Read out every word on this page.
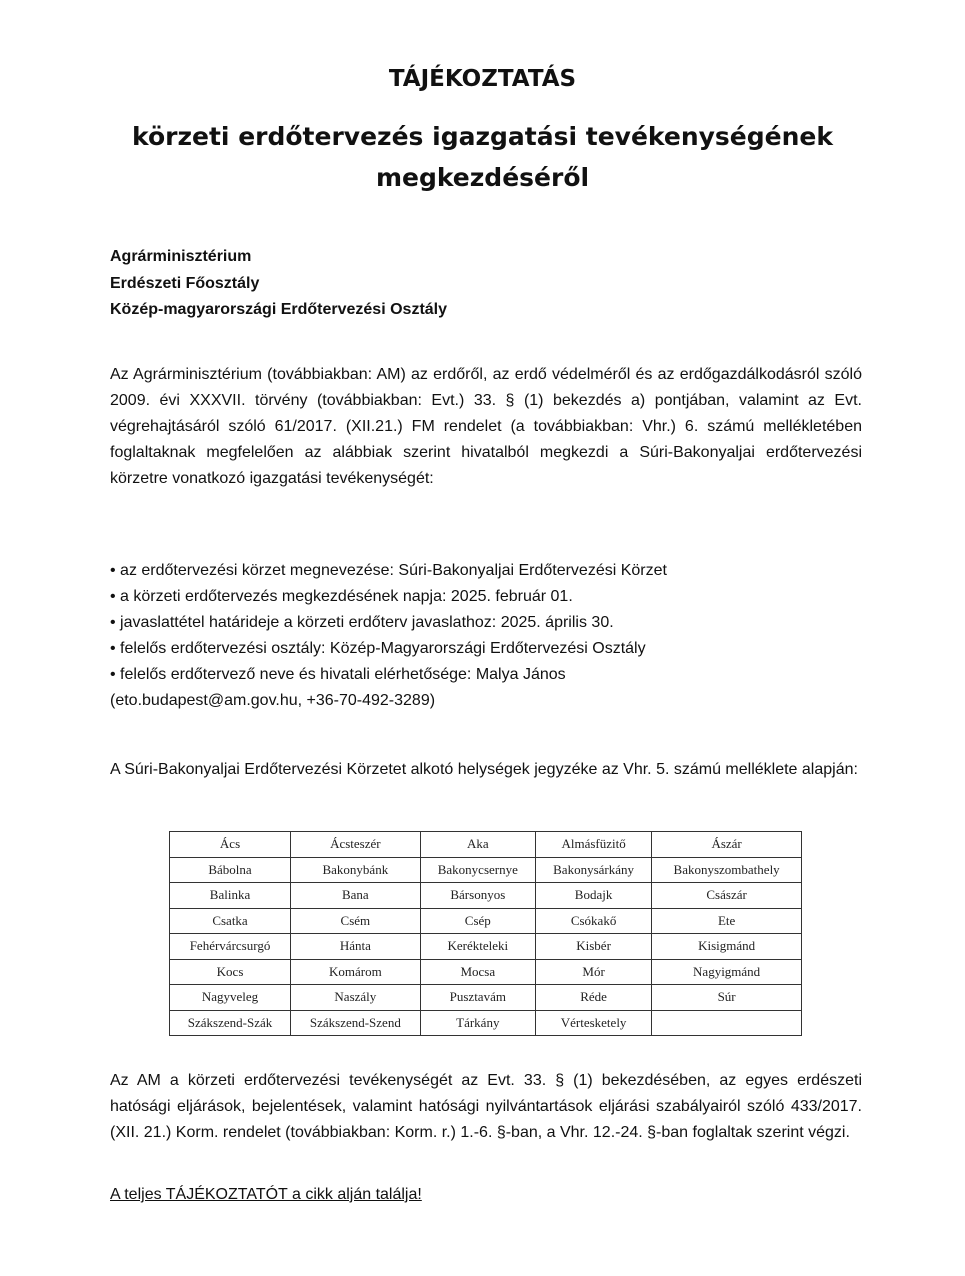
TÁJÉKOZTATÁS
körzeti erdőtervezés igazgatási tevékenységének
megkezdéséről
Agrárminisztérium
Erdészeti Főosztály
Közép-magyarországi Erdőtervezési Osztály
Az Agrárminisztérium (továbbiakban: AM) az erdőről, az erdő védelméről és az erdőgazdálkodásról szóló 2009. évi XXXVII. törvény (továbbiakban: Evt.) 33. § (1) bekezdés a) pontjában, valamint az Evt. végrehajtásáról szóló 61/2017. (XII.21.) FM rendelet (a továbbiakban: Vhr.) 6. számú mellékletében foglaltaknak megfelelően az alábbiak szerint hivatalból megkezdi a Súri-Bakonyaljai erdőtervezési körzetre vonatkozó igazgatási tevékenységét:
• az erdőtervezési körzet megnevezése: Súri-Bakonyaljai Erdőtervezési Körzet
• a körzeti erdőtervezés megkezdésének napja: 2025. február 01.
• javaslattétel határideje a körzeti erdőterv javaslathoz: 2025. április 30.
• felelős erdőtervezési osztály: Közép-Magyarországi Erdőtervezési Osztály
• felelős erdőtervező neve és hivatali elérhetősége: Malya János
(eto.budapest@am.gov.hu, +36-70-492-3289)
A Súri-Bakonyaljai Erdőtervezési Körzetet alkotó helységek jegyzéke az Vhr. 5. számú melléklete alapján:
Ács	Ácsteszér	Aka	Almásfüzitő	Ászár
Bábolna	Bakonybánk	Bakonycsernye	Bakonysárkány	Bakonyszombathely
Balinka	Bana	Bársonyos	Bodajk	Császár
Csatka	Csém	Csép	Csókakő	Ete
Fehérvárcsurgó	Hánta	Kerékteleki	Kisbér	Kisigmánd
Kocs	Komárom	Mocsa	Mór	Nagyigmánd
Nagyveleg	Naszály	Pusztavám	Réde	Súr
Szákszend-Szák	Szákszend-Szend	Tárkány	Vértesketely	
Az AM a körzeti erdőtervezési tevékenységét az Evt. 33. § (1) bekezdésében, az egyes erdészeti hatósági eljárások, bejelentések, valamint hatósági nyilvántartások eljárási szabályairól szóló 433/2017. (XII. 21.) Korm. rendelet (továbbiakban: Korm. r.) 1.-6. §-ban, a Vhr. 12.-24. §-ban foglaltak szerint végzi.
A teljes TÁJÉKOZTATÓT a cikk alján találja!
